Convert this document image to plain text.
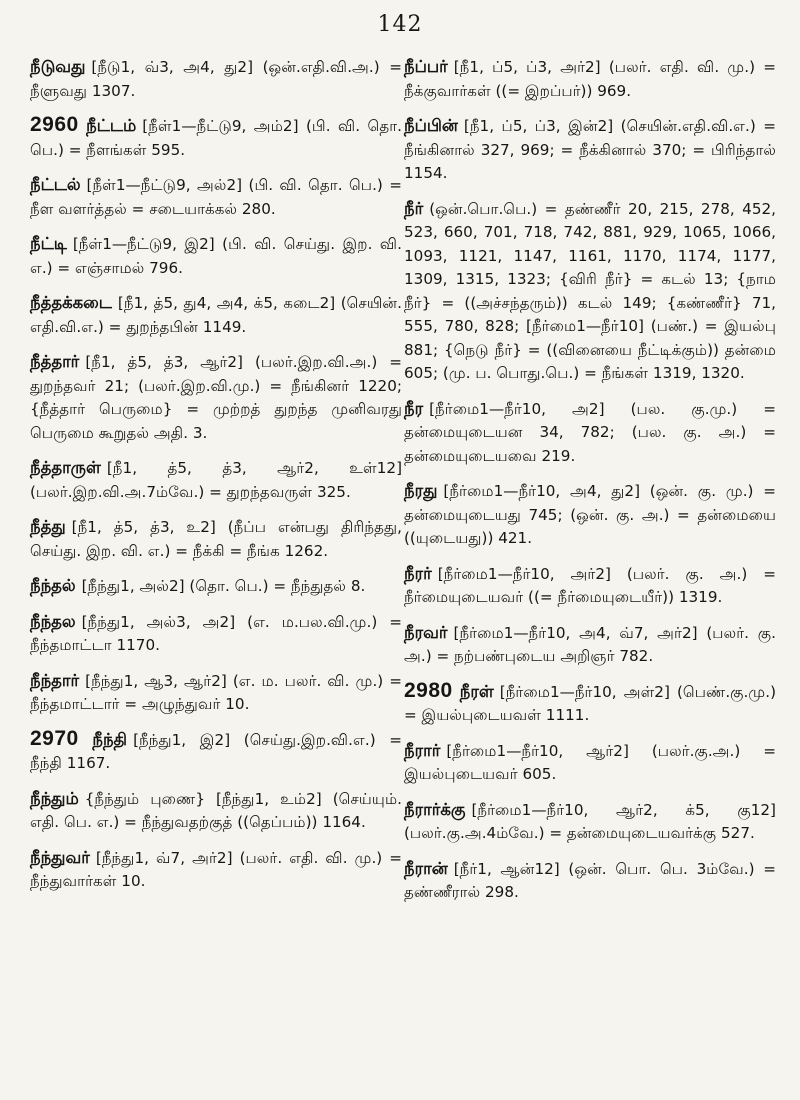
142
நீடுவது [நீடு1, வ்3, அ4, து2] (ஒன்.எதி.வி.அ.) = நீளுவது 1307.
2960 நீட்டம் [நீள்1—நீட்டு9, அம்2] (பி. வி. தொ. பெ.) = நீளங்கள் 595.
நீட்டல் [நீள்1—நீட்டு9, அல்2] (பி. வி. தொ. பெ.) = நீள வளர்த்தல் = சடையாக்கல் 280.
நீட்டி [நீள்1—நீட்டு9, இ2] (பி. வி. செய்து. இற. வி. எ.) = எஞ்சாமல் 796.
நீத்தக்கடை [நீ1, த்5, து4, அ4, க்5, கடை2] (செயின். எதி.வி.எ.) = துறந்தபின் 1149.
நீத்தார் [நீ1, த்5, த்3, ஆர்2] (பலர்.இற.வி.அ.) = துறந்தவர் 21; (பலர்.இற.வி.மு.) = நீங்கினர் 1220; {நீத்தார் பெருமை} = முற்றத் துறந்த முனிவரது பெருமை கூறுதல் அதி. 3.
நீத்தாருள் [நீ1, த்5, த்3, ஆர்2, உள்12] (பலர்.இற.வி.அ.7ம்வே.) = துறந்தவருள் 325.
நீத்து [நீ1, த்5, த்3, உ2] (நீப்ப என்பது திரிந்தது, செய்து. இற. வி. எ.) = நீக்கி = நீங்க 1262.
நீந்தல் [நீந்து1, அல்2] (தொ. பெ.) = நீந்துதல் 8.
நீந்தல [நீந்து1, அல்3, அ2] (எ. ம.பல.வி.மு.) = நீந்தமாட்டா 1170.
நீந்தார் [நீந்து1, ஆ3, ஆர்2] (எ. ம. பலர். வி. மு.) = நீந்தமாட்டார் = அழுந்துவர் 10.
2970 நீந்தி [நீந்து1, இ2] (செய்து.இற.வி.எ.) = நீந்தி 1167.
நீந்தும் {நீந்தும் புணை} [நீந்து1, உம்2] (செய்யும். எதி. பெ. எ.) = நீந்துவதற்குத் ((தெப்பம்)) 1164.
நீந்துவர் [நீந்து1, வ்7, அர்2] (பலர். எதி. வி. மு.) = நீந்துவார்கள் 10.
நீப்பர் [நீ1, ப்5, ப்3, அர்2] (பலர். எதி. வி. மு.) = நீக்குவார்கள் ((= இறப்பர்)) 969.
நீப்பின் [நீ1, ப்5, ப்3, இன்2] (செயின்.எதி.வி.எ.) = நீங்கினால் 327, 969; = நீக்கினால் 370; = பிரிந்தால் 1154.
நீர் (ஒன்.பொ.பெ.) = தண்ணீர் 20, 215, 278, 452, 523, 660, 701, 718, 742, 881, 929, 1065, 1066, 1093, 1121, 1147, 1161, 1170, 1174, 1177, 1309, 1315, 1323; {விரி நீர்} = கடல் 13; {நாம நீர்} = ((அச்சந்தரும்)) கடல் 149; {கண்ணீர்} 71, 555, 780, 828; [நீர்மை1—நீர்10] (பண்.) = இயல்பு 881; {நெடு நீர்} = ((வினையை நீட்டிக்கும்)) தன்மை 605; (மு. ப. பொது.பெ.) = நீங்கள் 1319, 1320.
நீர [நீர்மை1—நீர்10, அ2] (பல. கு.மு.) = தன்மையுடையன 34, 782; (பல. கு. அ.) = தன்மையுடையவை 219.
நீரது [நீர்மை1—நீர்10, அ4, து2] (ஒன். கு. மு.) = தன்மையுடையது 745; (ஒன். கு. அ.) = தன்மையை ((யுடையது)) 421.
நீரர் [நீர்மை1—நீர்10, அர்2] (பலர். கு. அ.) = நீர்மையுடையவர் ((= நீர்மையுடையீர்)) 1319.
நீரவர் [நீர்மை1—நீர்10, அ4, வ்7, அர்2] (பலர். கு. அ.) = நற்பண்புடைய அறிஞர் 782.
2980 நீரள் [நீர்மை1—நீர்10, அள்2] (பெண்.கு.மு.) = இயல்புடையவள் 1111.
நீரார் [நீர்மை1—நீர்10, ஆர்2] (பலர்.கு.அ.) = இயல்புடையவர் 605.
நீரார்க்கு [நீர்மை1—நீர்10, ஆர்2, க்5, கு12] (பலர்.கு.அ.4ம்வே.) = தன்மையுடையவர்க்கு 527.
நீரான் [நீர்1, ஆன்12] (ஒன். பொ. பெ. 3ம்வே.) = தண்ணீரால் 298.
